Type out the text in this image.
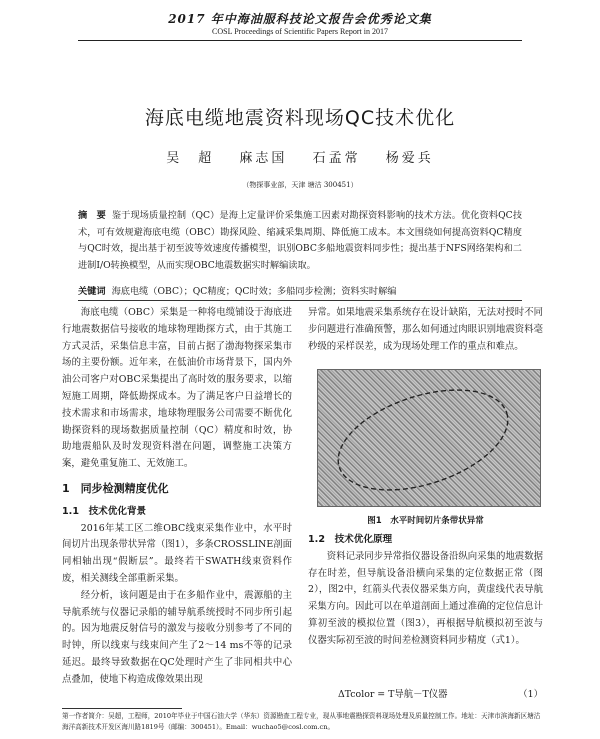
2017 年中海油服科技论文报告会优秀论文集
COSL Proceedings of Scientific Papers Report in 2017
海底电缆地震资料现场QC技术优化
吴　超 麻志国 石孟常 杨爱兵
（物探事业部，天津 塘沽 300451）
摘　要 鉴于现场质量控制（QC）是海上定量评价采集施工因素对勘探资料影响的技术方法。优化资料QC技术，可有效规避海底电缆（OBC）勘探风险、缩减采集周期、降低施工成本。本文围绕如何提高资料QC精度与QC时效，提出基于初至波等效速度传播模型，识别OBC多船地震资料同步性；提出基于NFS网络架构和二进制I/O转换模型，从而实现OBC地震数据实时解编读取。
关键词 海底电缆（OBC）；QC精度；QC时效；多船同步检测；资料实时解编

海底电缆（OBC）采集是一种将电缆铺设于海底进行地震数据信号接收的地球物理勘探方式，由于其施工方式灵活，采集信息丰富，目前占据了渤海物探采集市场的主要份额。近年来，在低油价市场背景下，国内外油公司客户对OBC采集提出了高时效的服务要求，以缩短施工周期，降低勘探成本。为了满足客户日益增长的技术需求和市场需求，地球物理服务公司需要不断优化勘探资料的现场数据质量控制（QC）精度和时效，协助地震船队及时发现资料潜在问题，调整施工决策方案，避免重复施工、无效施工。

1　同步检测精度优化
1.1　技术优化背景

2016年某工区二维OBC线束采集作业中，水平时间切片出现条带状异常（图1），多条CROSSLINE剖面同相轴出现“假断层”。最终若干SWATH线束资料作废，相关测线全部重新采集。

经分析，该问题是由于在多船作业中，震源船的主导航系统与仪器记录船的辅导航系统授时不同步所引起的。因为地震反射信号的激发与接收分别参考了不同的时钟，所以线束与线束间产生了2～14 ms不等的记录延迟。最终导致数据在QC处理时产生了非同相共中心点叠加，使地下构造成像效果出现

异常。如果地震采集系统存在设计缺陷，无法对授时不同步问题进行准确预警，那么如何通过肉眼识别地震资料毫秒级的采样误差，成为现场处理工作的重点和难点。

图1　水平时间切片条带状异常
1.2　技术优化原理

资料记录同步异常指仪器设备沿纵向采集的地震数据存在时差，但导航设备沿横向采集的定位数据正常（图2），图2中，红箭头代表仪器采集方向，黄虚线代表导航采集方向。因此可以在单道剖面上通过准确的定位信息计算初至波的模拟位置（图3），再根据导航模拟初至波与仪器实际初至波的时间差检测资料同步精度（式1）。

ΔTcolor = T导航－T仪器	（1）
第一作者简介：吴超，工程师，2010年毕业于中国石油大学（华东）资源勘查工程专业，现从事地震勘探资料现场处理及质量控制工作。地址：天津市滨海新区塘沽海洋高新技术开发区海川路1819号（邮编：300451）。Email：wuchao5@cosl.com.cn。
